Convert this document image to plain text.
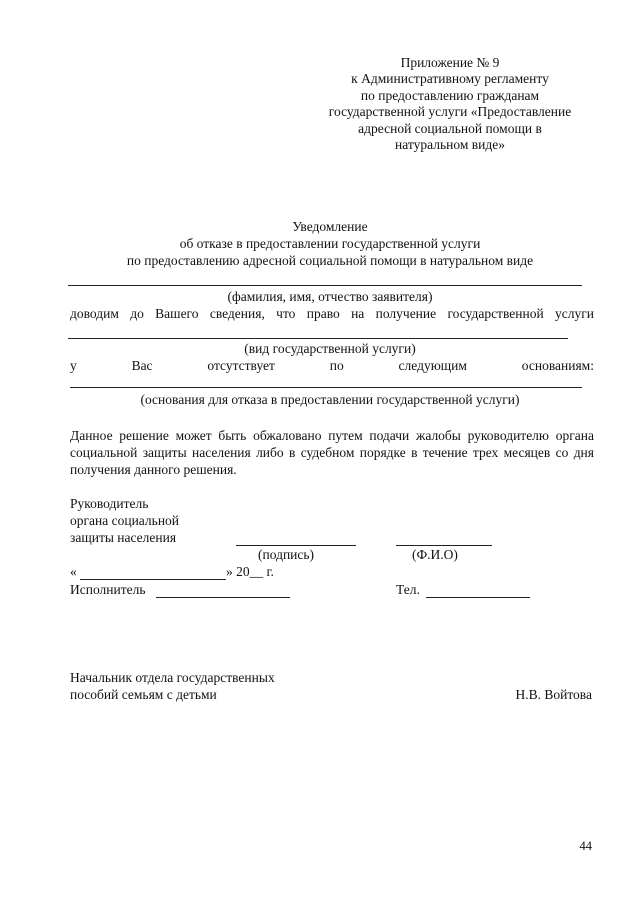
Приложение № 9
к Административному регламенту
по предоставлению гражданам
государственной услуги «Предоставление
адресной социальной помощи в
натуральном виде»
Уведомление
об отказе в предоставлении государственной услуги
по предоставлению адресной социальной помощи в натуральном виде
(фамилия, имя, отчество заявителя)
доводим до Вашего сведения, что право на получение государственной услуги
(вид государственной услуги)
у	Вас	отсутствует	по	следующим	основаниям:
(основания для отказа в предоставлении государственной услуги)
Данное решение может быть обжаловано путем подачи жалобы руководителю органа социальной защиты населения либо в судебном порядке в течение трех месяцев со дня получения данного решения.
Руководитель
органа социальной
защиты населения
(подпись)	(Ф.И.О)
«	» 20__ г.
Исполнитель	Тел.
Начальник отдела государственных
пособий семьям с детьми	Н.В. Войтова
44
